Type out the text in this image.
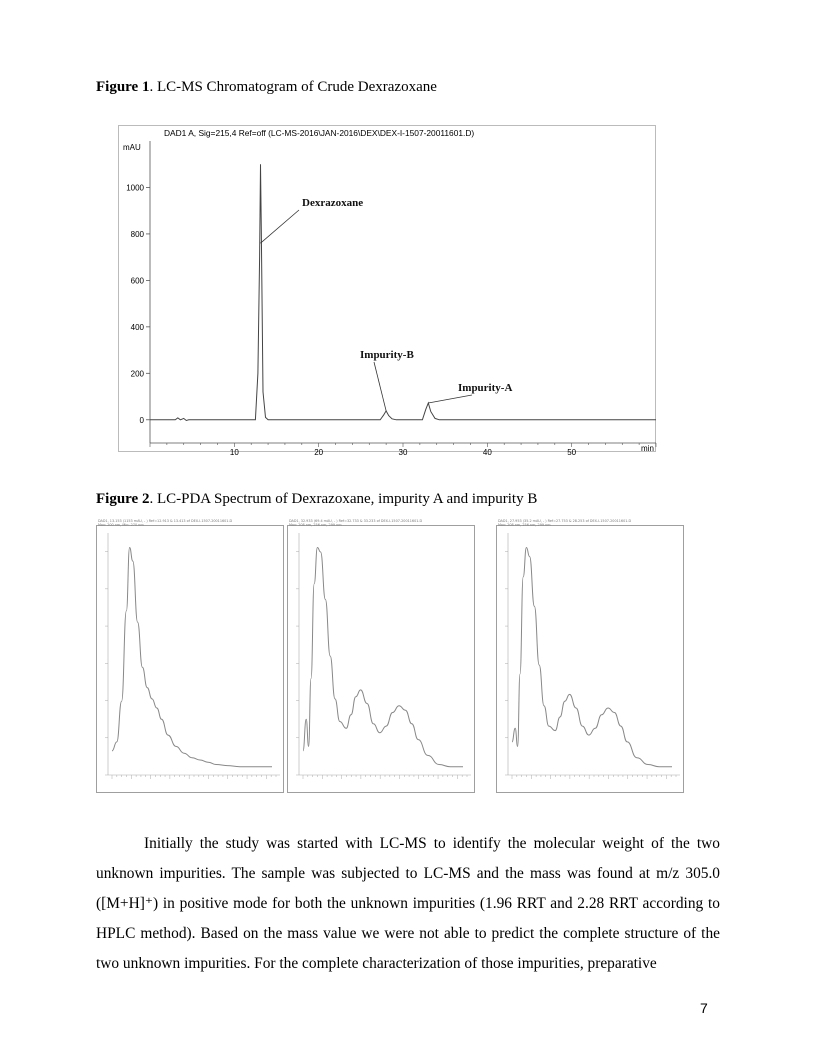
Figure 1. LC-MS Chromatogram of Crude Dexrazoxane
DAD1 A, Sig=215,4 Ref=off (LC-MS-2016\JAN-2016\DEX\DEX-I-1507-20011601.D)
mAU
min
0
200
400
600
800
1000
10	20	30	40	50
Dexrazoxane
Impurity-B
Impurity-A
Figure 2. LC-PDA Spectrum of Dexrazoxane, impurity A and impurity B
DAD1, 13.153 (1153 mAU, - ) Ref=12.913 & 13.413 of DEX-I-1507-20011601.D
Max: 200 nm, Min: 270 nm
DAD1, 32.933 (69.4 mAU, - ) Ref=32.733 & 33.233 of DEX-I-1507-20011601.D
Max: 208 nm, 256 nm, 299 nm
DAD1, 27.953 (35.2 mAU, - ) Ref=27.753 & 28.253 of DEX-I-1507-20011601.D
Max: 208 nm, 256 nm, 299 nm

Initially the study was started with LC-MS to identify the molecular weight of the two unknown impurities. The sample was subjected to LC-MS and the mass was found at m/z 305.0 ([M+H]⁺) in positive mode for both the unknown impurities (1.96 RRT and 2.28 RRT according to HPLC method). Based on the mass value we were not able to predict the complete structure of the two unknown impurities. For the complete characterization of those impurities, preparative

7
